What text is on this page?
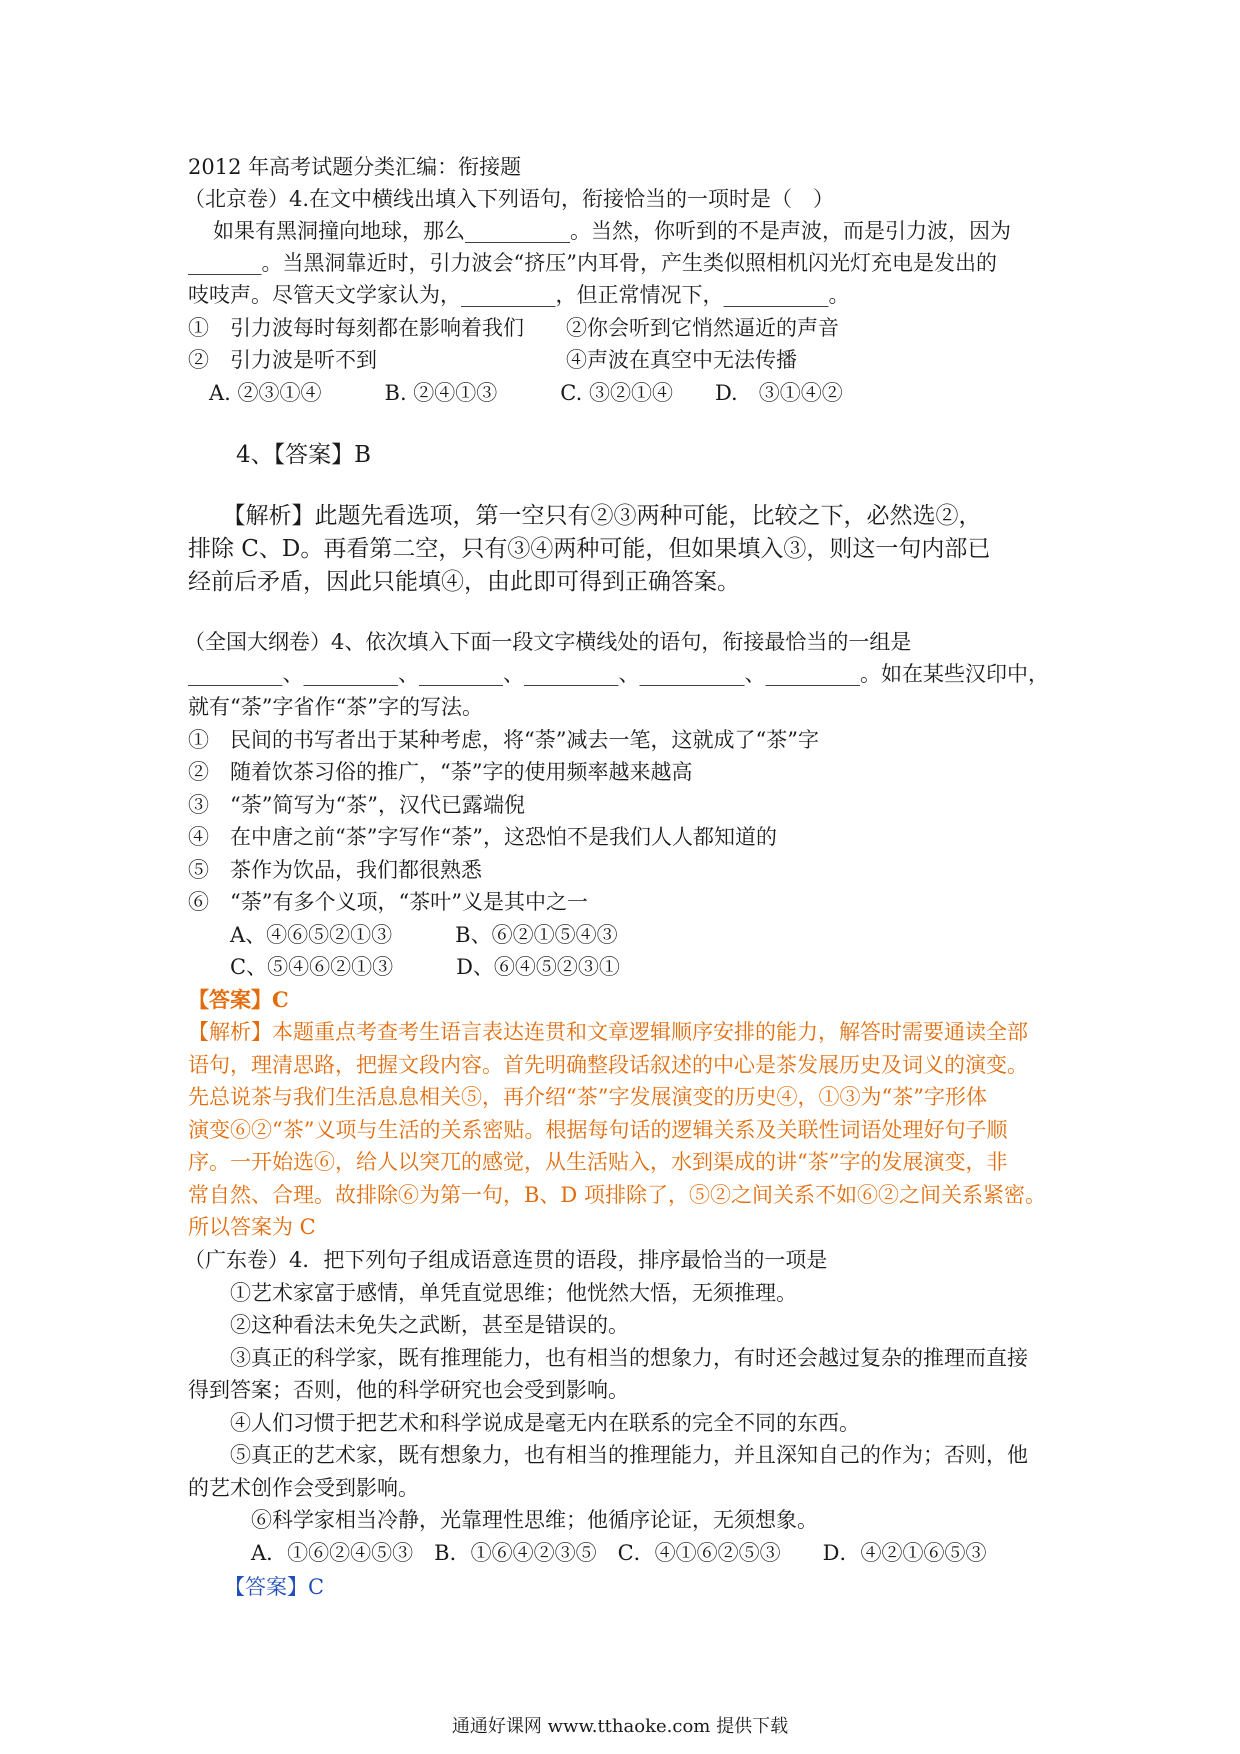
2012 年高考试题分类汇编：衔接题
（北京卷）4.在文中横线出填入下列语句，衔接恰当的一项时是（　）
　如果有黑洞撞向地球，那么__________。当然，你听到的不是声波，而是引力波，因为
_______。当黑洞靠近时，引力波会“挤压”内耳骨，产生类似照相机闪光灯充电是发出的
吱吱声。尽管天文学家认为，_________，但正常情况下，__________。
①　引力波每时每刻都在影响着我们　　②你会听到它悄然逼近的声音
②　引力波是听不到　　　　　　　　　④声波在真空中无法传播
　A. ②③①④　　　B. ②④①③　　　C. ③②①④　　D.　③①④②
4、【答案】B
　　【解析】此题先看选项，第一空只有②③两种可能，比较之下，必然选②，
排除 C、D。再看第二空，只有③④两种可能，但如果填入③，则这一句内部已
经前后矛盾，因此只能填④，由此即可得到正确答案。
（全国大纲卷）4、依次填入下面一段文字横线处的语句，衔接最恰当的一组是
_________、_________、________、_________、__________、_________。如在某些汉印中，
就有“荼”字省作“茶”字的写法。
①　民间的书写者出于某种考虑，将“荼”减去一笔，这就成了“茶”字
②　随着饮茶习俗的推广，“荼”字的使用频率越来越高
③　“荼”简写为“茶”，汉代已露端倪
④　在中唐之前“茶”字写作“荼”，这恐怕不是我们人人都知道的
⑤　茶作为饮品，我们都很熟悉
⑥　“荼”有多个义项，“茶叶”义是其中之一
　　A、④⑥⑤②①③　　　B、⑥②①⑤④③
　　C、⑤④⑥②①③　　　D、⑥④⑤②③①
【答案】C
【解析】本题重点考查考生语言表达连贯和文章逻辑顺序安排的能力，解答时需要通读全部
语句，理清思路，把握文段内容。首先明确整段话叙述的中心是茶发展历史及词义的演变。
先总说茶与我们生活息息相关⑤，再介绍“茶”字发展演变的历史④，①③为“茶”字形体
演变⑥②“茶”义项与生活的关系密贴。根据每句话的逻辑关系及关联性词语处理好句子顺
序。一开始选⑥，给人以突兀的感觉，从生活贴入，水到渠成的讲“茶”字的发展演变，非
常自然、合理。故排除⑥为第一句，B、D 项排除了，⑤②之间关系不如⑥②之间关系紧密。
所以答案为 C
（广东卷）4．把下列句子组成语意连贯的语段，排序最恰当的一项是
　　①艺术家富于感情，单凭直觉思维；他恍然大悟，无须推理。
　　②这种看法未免失之武断，甚至是错误的。
　　③真正的科学家，既有推理能力，也有相当的想象力，有时还会越过复杂的推理而直接
得到答案；否则，他的科学研究也会受到影响。
　　④人们习惯于把艺术和科学说成是毫无内在联系的完全不同的东西。
　　⑤真正的艺术家，既有想象力，也有相当的推理能力，并且深知自己的作为；否则，他
的艺术创作会受到影响。
　　　⑥科学家相当冷静，光靠理性思维；他循序论证，无须想象。
　　　A．①⑥②④⑤③　B．①⑥④②③⑤　C．④①⑥②⑤③　　D．④②①⑥⑤③
【答案】C
通通好课网 www.tthaoke.com 提供下载
